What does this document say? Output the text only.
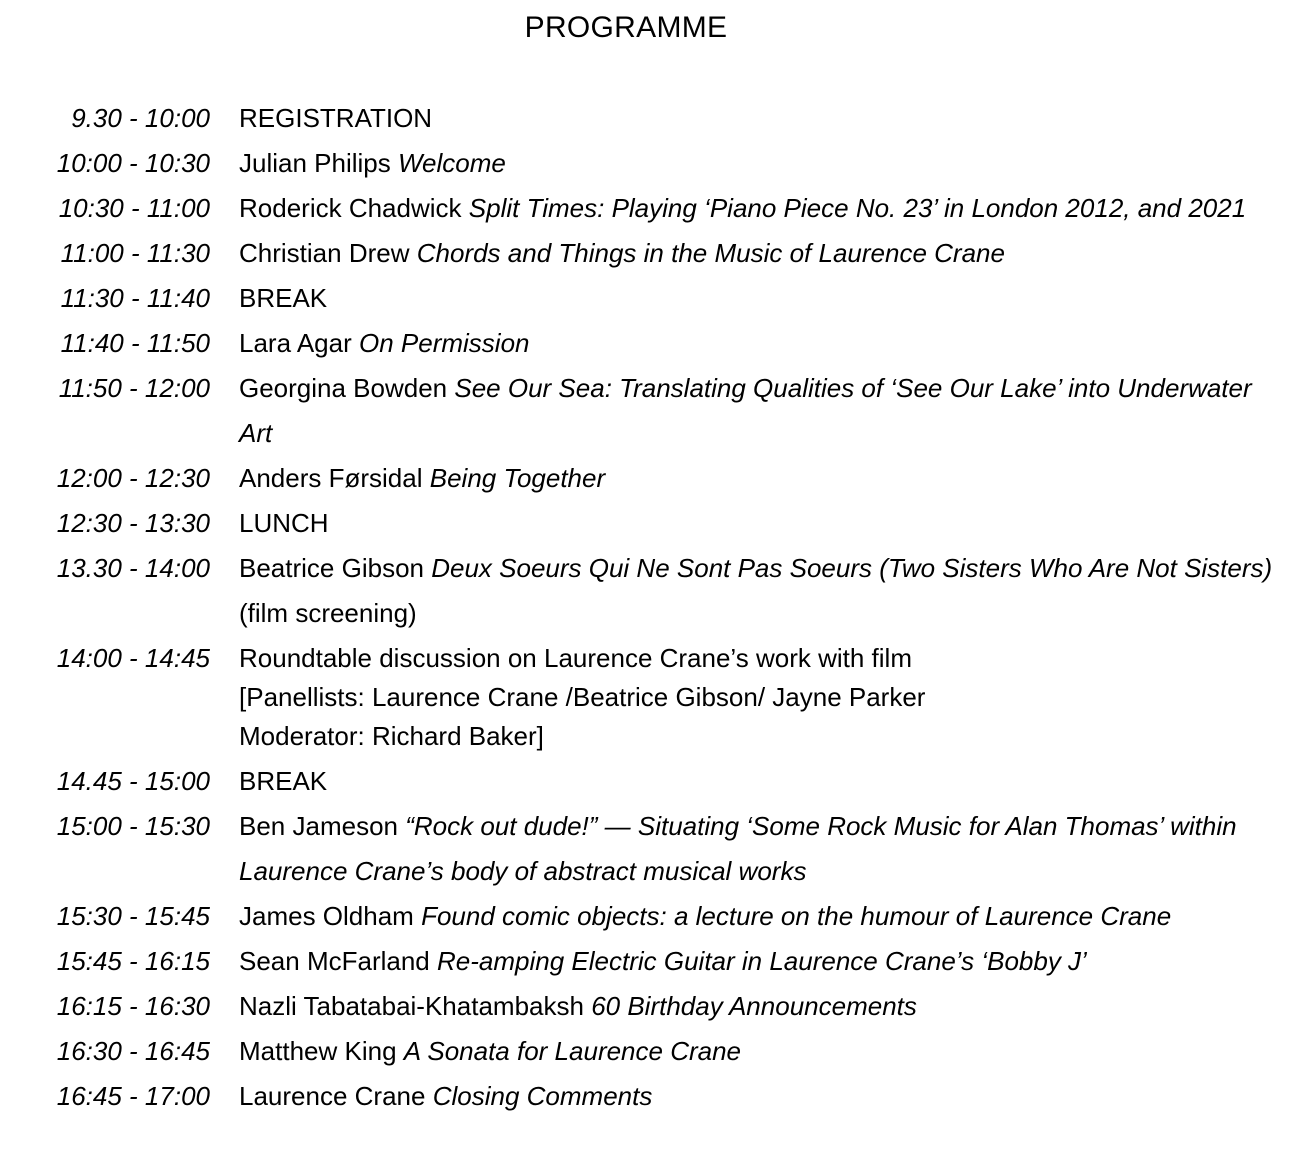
PROGRAMME
9.30 - 10:00 REGISTRATION
10:00 - 10:30 Julian Philips Welcome
10:30 - 11:00 Roderick Chadwick Split Times: Playing ‘Piano Piece No. 23’ in London 2012, and 2021
11:00 - 11:30 Christian Drew Chords and Things in the Music of Laurence Crane
11:30 - 11:40 BREAK
11:40 - 11:50 Lara Agar On Permission
11:50 - 12:00 Georgina Bowden See Our Sea: Translating Qualities of ‘See Our Lake’ into Underwater Art
12:00 - 12:30 Anders Førsidal Being Together
12:30 - 13:30 LUNCH
13.30 - 14:00 Beatrice Gibson Deux Soeurs Qui Ne Sont Pas Soeurs (Two Sisters Who Are Not Sisters) (film screening)
14:00 - 14:45 Roundtable discussion on Laurence Crane’s work with film
[Panellists: Laurence Crane /Beatrice Gibson/ Jayne Parker
Moderator: Richard Baker]
14.45 - 15:00 BREAK
15:00 - 15:30 Ben Jameson “Rock out dude!” — Situating ‘Some Rock Music for Alan Thomas’ within Laurence Crane’s body of abstract musical works
15:30 - 15:45 James Oldham Found comic objects: a lecture on the humour of Laurence Crane
15:45 - 16:15 Sean McFarland Re-amping Electric Guitar in Laurence Crane’s ‘Bobby J’
16:15 - 16:30 Nazli Tabatabai-Khatambaksh 60 Birthday Announcements
16:30 - 16:45 Matthew King A Sonata for Laurence Crane
16:45 - 17:00 Laurence Crane Closing Comments
